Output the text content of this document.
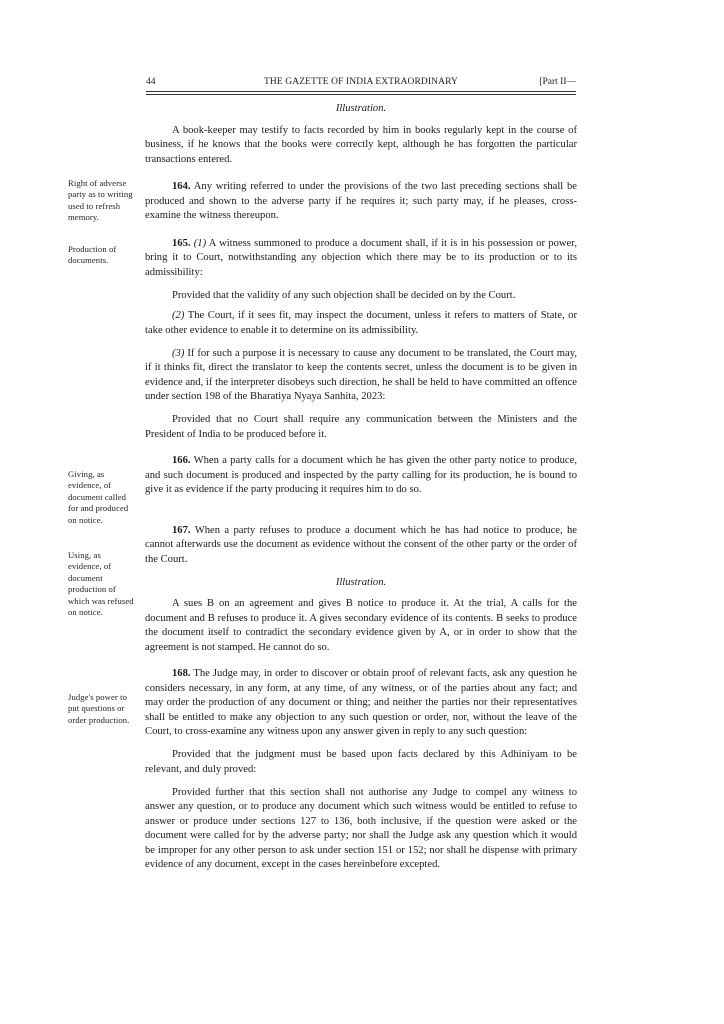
44	THE GAZETTE OF INDIA EXTRAORDINARY	[Part II—
Right of adverse party as to writing used to refresh memory.
Production of documents.
Giving, as evidence, of document called for and produced on notice.
Using, as evidence, of document production of which was refused on notice.
Judge's power to put questions or order production.

Illustration.

A book-keeper may testify to facts recorded by him in books regularly kept in the course of business, if he knows that the books were correctly kept, although he has forgotten the particular transactions entered.

164. Any writing referred to under the provisions of the two last preceding sections shall be produced and shown to the adverse party if he requires it; such party may, if he pleases, cross-examine the witness thereupon.

165. (1) A witness summoned to produce a document shall, if it is in his possession or power, bring it to Court, notwithstanding any objection which there may be to its production or to its admissibility:

Provided that the validity of any such objection shall be decided on by the Court.

(2) The Court, if it sees fit, may inspect the document, unless it refers to matters of State, or take other evidence to enable it to determine on its admissibility.

(3) If for such a purpose it is necessary to cause any document to be translated, the Court may, if it thinks fit, direct the translator to keep the contents secret, unless the document is to be given in evidence and, if the interpreter disobeys such direction, he shall be held to have committed an offence under section 198 of the Bharatiya Nyaya Sanhita, 2023:

Provided that no Court shall require any communication between the Ministers and the President of India to be produced before it.

166. When a party calls for a document which he has given the other party notice to produce, and such document is produced and inspected by the party calling for its production, he is bound to give it as evidence if the party producing it requires him to do so.

167. When a party refuses to produce a document which he has had notice to produce, he cannot afterwards use the document as evidence without the consent of the other party or the order of the Court.

Illustration.

A sues B on an agreement and gives B notice to produce it. At the trial, A calls for the document and B refuses to produce it. A gives secondary evidence of its contents. B seeks to produce the document itself to contradict the secondary evidence given by A, or in order to show that the agreement is not stamped. He cannot do so.

168. The Judge may, in order to discover or obtain proof of relevant facts, ask any question he considers necessary, in any form, at any time, of any witness, or of the parties about any fact; and may order the production of any document or thing; and neither the parties nor their representatives shall be entitled to make any objection to any such question or order, nor, without the leave of the Court, to cross-examine any witness upon any answer given in reply to any such question:

Provided that the judgment must be based upon facts declared by this Adhiniyam to be relevant, and duly proved:

Provided further that this section shall not authorise any Judge to compel any witness to answer any question, or to produce any document which such witness would be entitled to refuse to answer or produce under sections 127 to 136, both inclusive, if the question were asked or the document were called for by the adverse party; nor shall the Judge ask any question which it would be improper for any other person to ask under section 151 or 152; nor shall he dispense with primary evidence of any document, except in the cases hereinbefore excepted.
